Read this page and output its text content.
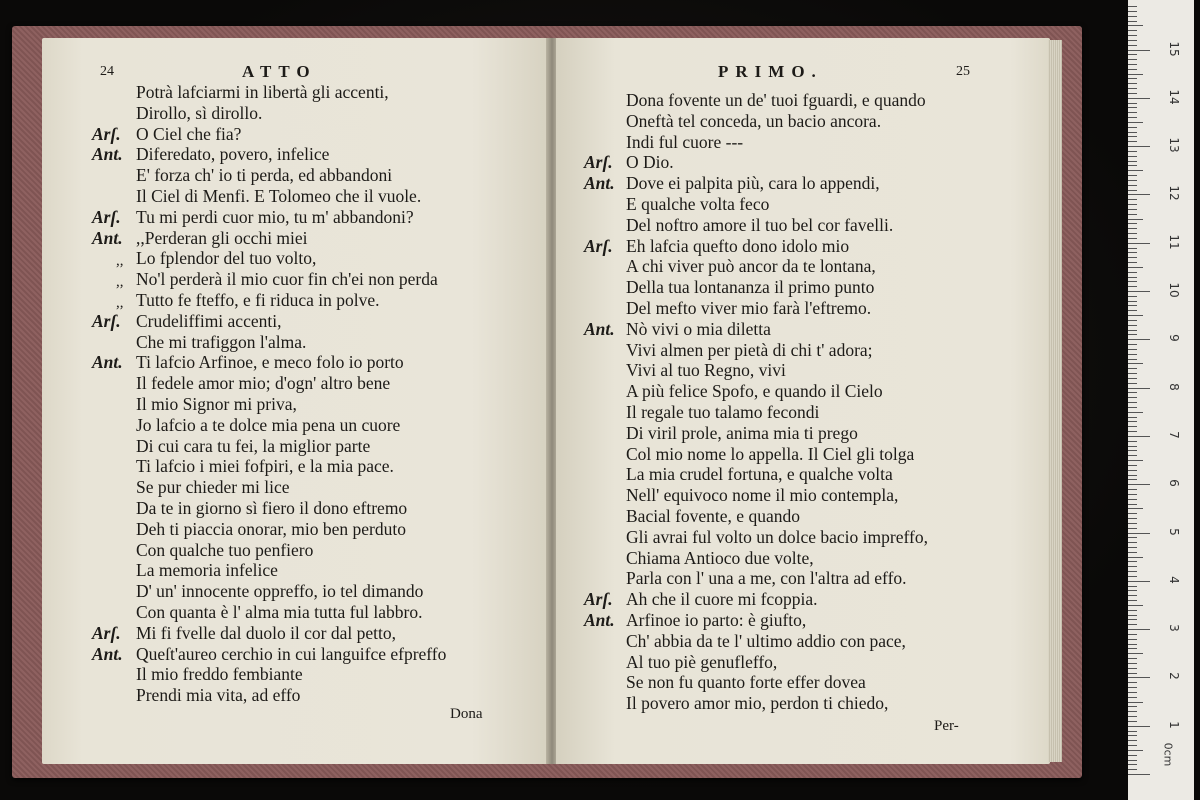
24	ATTO
Potrà lafciarmi in libertà gli accenti,
Dirollo, sì dirollo.
Arſ. O Ciel che fia?
Ant. Diferedato, povero, infelice
E' forza ch' io ti perda, ed abbandoni
Il Ciel di Menfi. E Tolomeo che il vuole.
Arſ. Tu mi perdi cuor mio, tu m' abbandoni?
Ant. ,,Perderan gli occhi miei
,, Lo fplendor del tuo volto,
,, No'l perderà il mio cuor fin ch'ei non perda
,, Tutto fe fteffo, e fi riduca in polve.
Arſ. Crudeliffimi accenti,
Che mi trafiggon l'alma.
Ant. Ti lafcio Arfinoe, e meco folo io porto
Il fedele amor mio; d'ogn' altro bene
Il mio Signor mi priva,
Jo lafcio a te dolce mia pena un cuore
Di cui cara tu fei, la miglior parte
Ti lafcio i miei fofpiri, e la mia pace.
Se pur chieder mi lice
Da te in giorno sì fiero il dono eftremo
Deh ti piaccia onorar, mio ben perduto
Con qualche tuo penfiero
La memoria infelice
D' un' innocente oppreffo, io tel dimando
Con quanta è l' alma mia tutta ful labbro.
Arſ. Mi fi fvelle dal duolo il cor dal petto,
Ant. Queſt'aureo cerchio in cui languifce efpreffo
Il mio freddo fembiante
Prendi mia vita, ad effo
Dona
PRIMO.	25
Dona fovente un de' tuoi fguardi, e quando
Oneftà tel conceda, un bacio ancora.
Indi ful cuore ---
Arſ. O Dio.
Ant. Dove ei palpita più, cara lo appendi,
E qualche volta feco
Del noftro amore il tuo bel cor favelli.
Arſ. Eh lafcia quefto dono idolo mio
A chi viver può ancor da te lontana,
Della tua lontananza il primo punto
Del mefto viver mio farà l'eftremo.
Ant. Nò vivi o mia diletta
Vivi almen per pietà di chi t' adora;
Vivi al tuo Regno, vivi
A più felice Spofo, e quando il Cielo
Il regale tuo talamo fecondi
Di viril prole, anima mia ti prego
Col mio nome lo appella. Il Ciel gli tolga
La mia crudel fortuna, e qualche volta
Nell' equivoco nome il mio contempla,
Bacial fovente, e quando
Gli avrai ful volto un dolce bacio impreffo,
Chiama Antioco due volte,
Parla con l' una a me, con l'altra ad effo.
Arſ. Ah che il cuore mi fcoppia.
Ant. Arfinoe io parto: è giufto,
Ch' abbia da te l' ultimo addio con pace,
Al tuo piè genufleffo,
Se non fu quanto forte effer dovea
Il povero amor mio, perdon ti chiedo,
Per-
0cm
1
2
3
4
5
6
7
8
9
10
11
12
13
14
15
